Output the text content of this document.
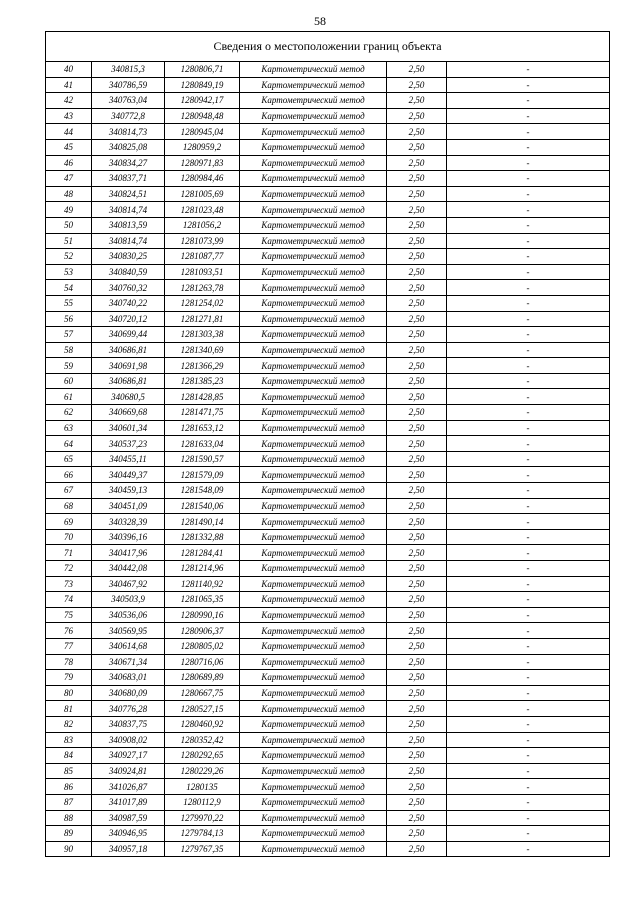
58
Сведения о местоположении границ объекта					
40	340815,3	1280806,71	Картометрический метод	2,50	-
41	340786,59	1280849,19	Картометрический метод	2,50	-
42	340763,04	1280942,17	Картометрический метод	2,50	-
43	340772,8	1280948,48	Картометрический метод	2,50	-
44	340814,73	1280945,04	Картометрический метод	2,50	-
45	340825,08	1280959,2	Картометрический метод	2,50	-
46	340834,27	1280971,83	Картометрический метод	2,50	-
47	340837,71	1280984,46	Картометрический метод	2,50	-
48	340824,51	1281005,69	Картометрический метод	2,50	-
49	340814,74	1281023,48	Картометрический метод	2,50	-
50	340813,59	1281056,2	Картометрический метод	2,50	-
51	340814,74	1281073,99	Картометрический метод	2,50	-
52	340830,25	1281087,77	Картометрический метод	2,50	-
53	340840,59	1281093,51	Картометрический метод	2,50	-
54	340760,32	1281263,78	Картометрический метод	2,50	-
55	340740,22	1281254,02	Картометрический метод	2,50	-
56	340720,12	1281271,81	Картометрический метод	2,50	-
57	340699,44	1281303,38	Картометрический метод	2,50	-
58	340686,81	1281340,69	Картометрический метод	2,50	-
59	340691,98	1281366,29	Картометрический метод	2,50	-
60	340686,81	1281385,23	Картометрический метод	2,50	-
61	340680,5	1281428,85	Картометрический метод	2,50	-
62	340669,68	1281471,75	Картометрический метод	2,50	-
63	340601,34	1281653,12	Картометрический метод	2,50	-
64	340537,23	1281633,04	Картометрический метод	2,50	-
65	340455,11	1281590,57	Картометрический метод	2,50	-
66	340449,37	1281579,09	Картометрический метод	2,50	-
67	340459,13	1281548,09	Картометрический метод	2,50	-
68	340451,09	1281540,06	Картометрический метод	2,50	-
69	340328,39	1281490,14	Картометрический метод	2,50	-
70	340396,16	1281332,88	Картометрический метод	2,50	-
71	340417,96	1281284,41	Картометрический метод	2,50	-
72	340442,08	1281214,96	Картометрический метод	2,50	-
73	340467,92	1281140,92	Картометрический метод	2,50	-
74	340503,9	1281065,35	Картометрический метод	2,50	-
75	340536,06	1280990,16	Картометрический метод	2,50	-
76	340569,95	1280906,37	Картометрический метод	2,50	-
77	340614,68	1280805,02	Картометрический метод	2,50	-
78	340671,34	1280716,06	Картометрический метод	2,50	-
79	340683,01	1280689,89	Картометрический метод	2,50	-
80	340680,09	1280667,75	Картометрический метод	2,50	-
81	340776,28	1280527,15	Картометрический метод	2,50	-
82	340837,75	1280460,92	Картометрический метод	2,50	-
83	340908,02	1280352,42	Картометрический метод	2,50	-
84	340927,17	1280292,65	Картометрический метод	2,50	-
85	340924,81	1280229,26	Картометрический метод	2,50	-
86	341026,87	1280135	Картометрический метод	2,50	-
87	341017,89	1280112,9	Картометрический метод	2,50	-
88	340987,59	1279970,22	Картометрический метод	2,50	-
89	340946,95	1279784,13	Картометрический метод	2,50	-
90	340957,18	1279767,35	Картометрический метод	2,50	-
